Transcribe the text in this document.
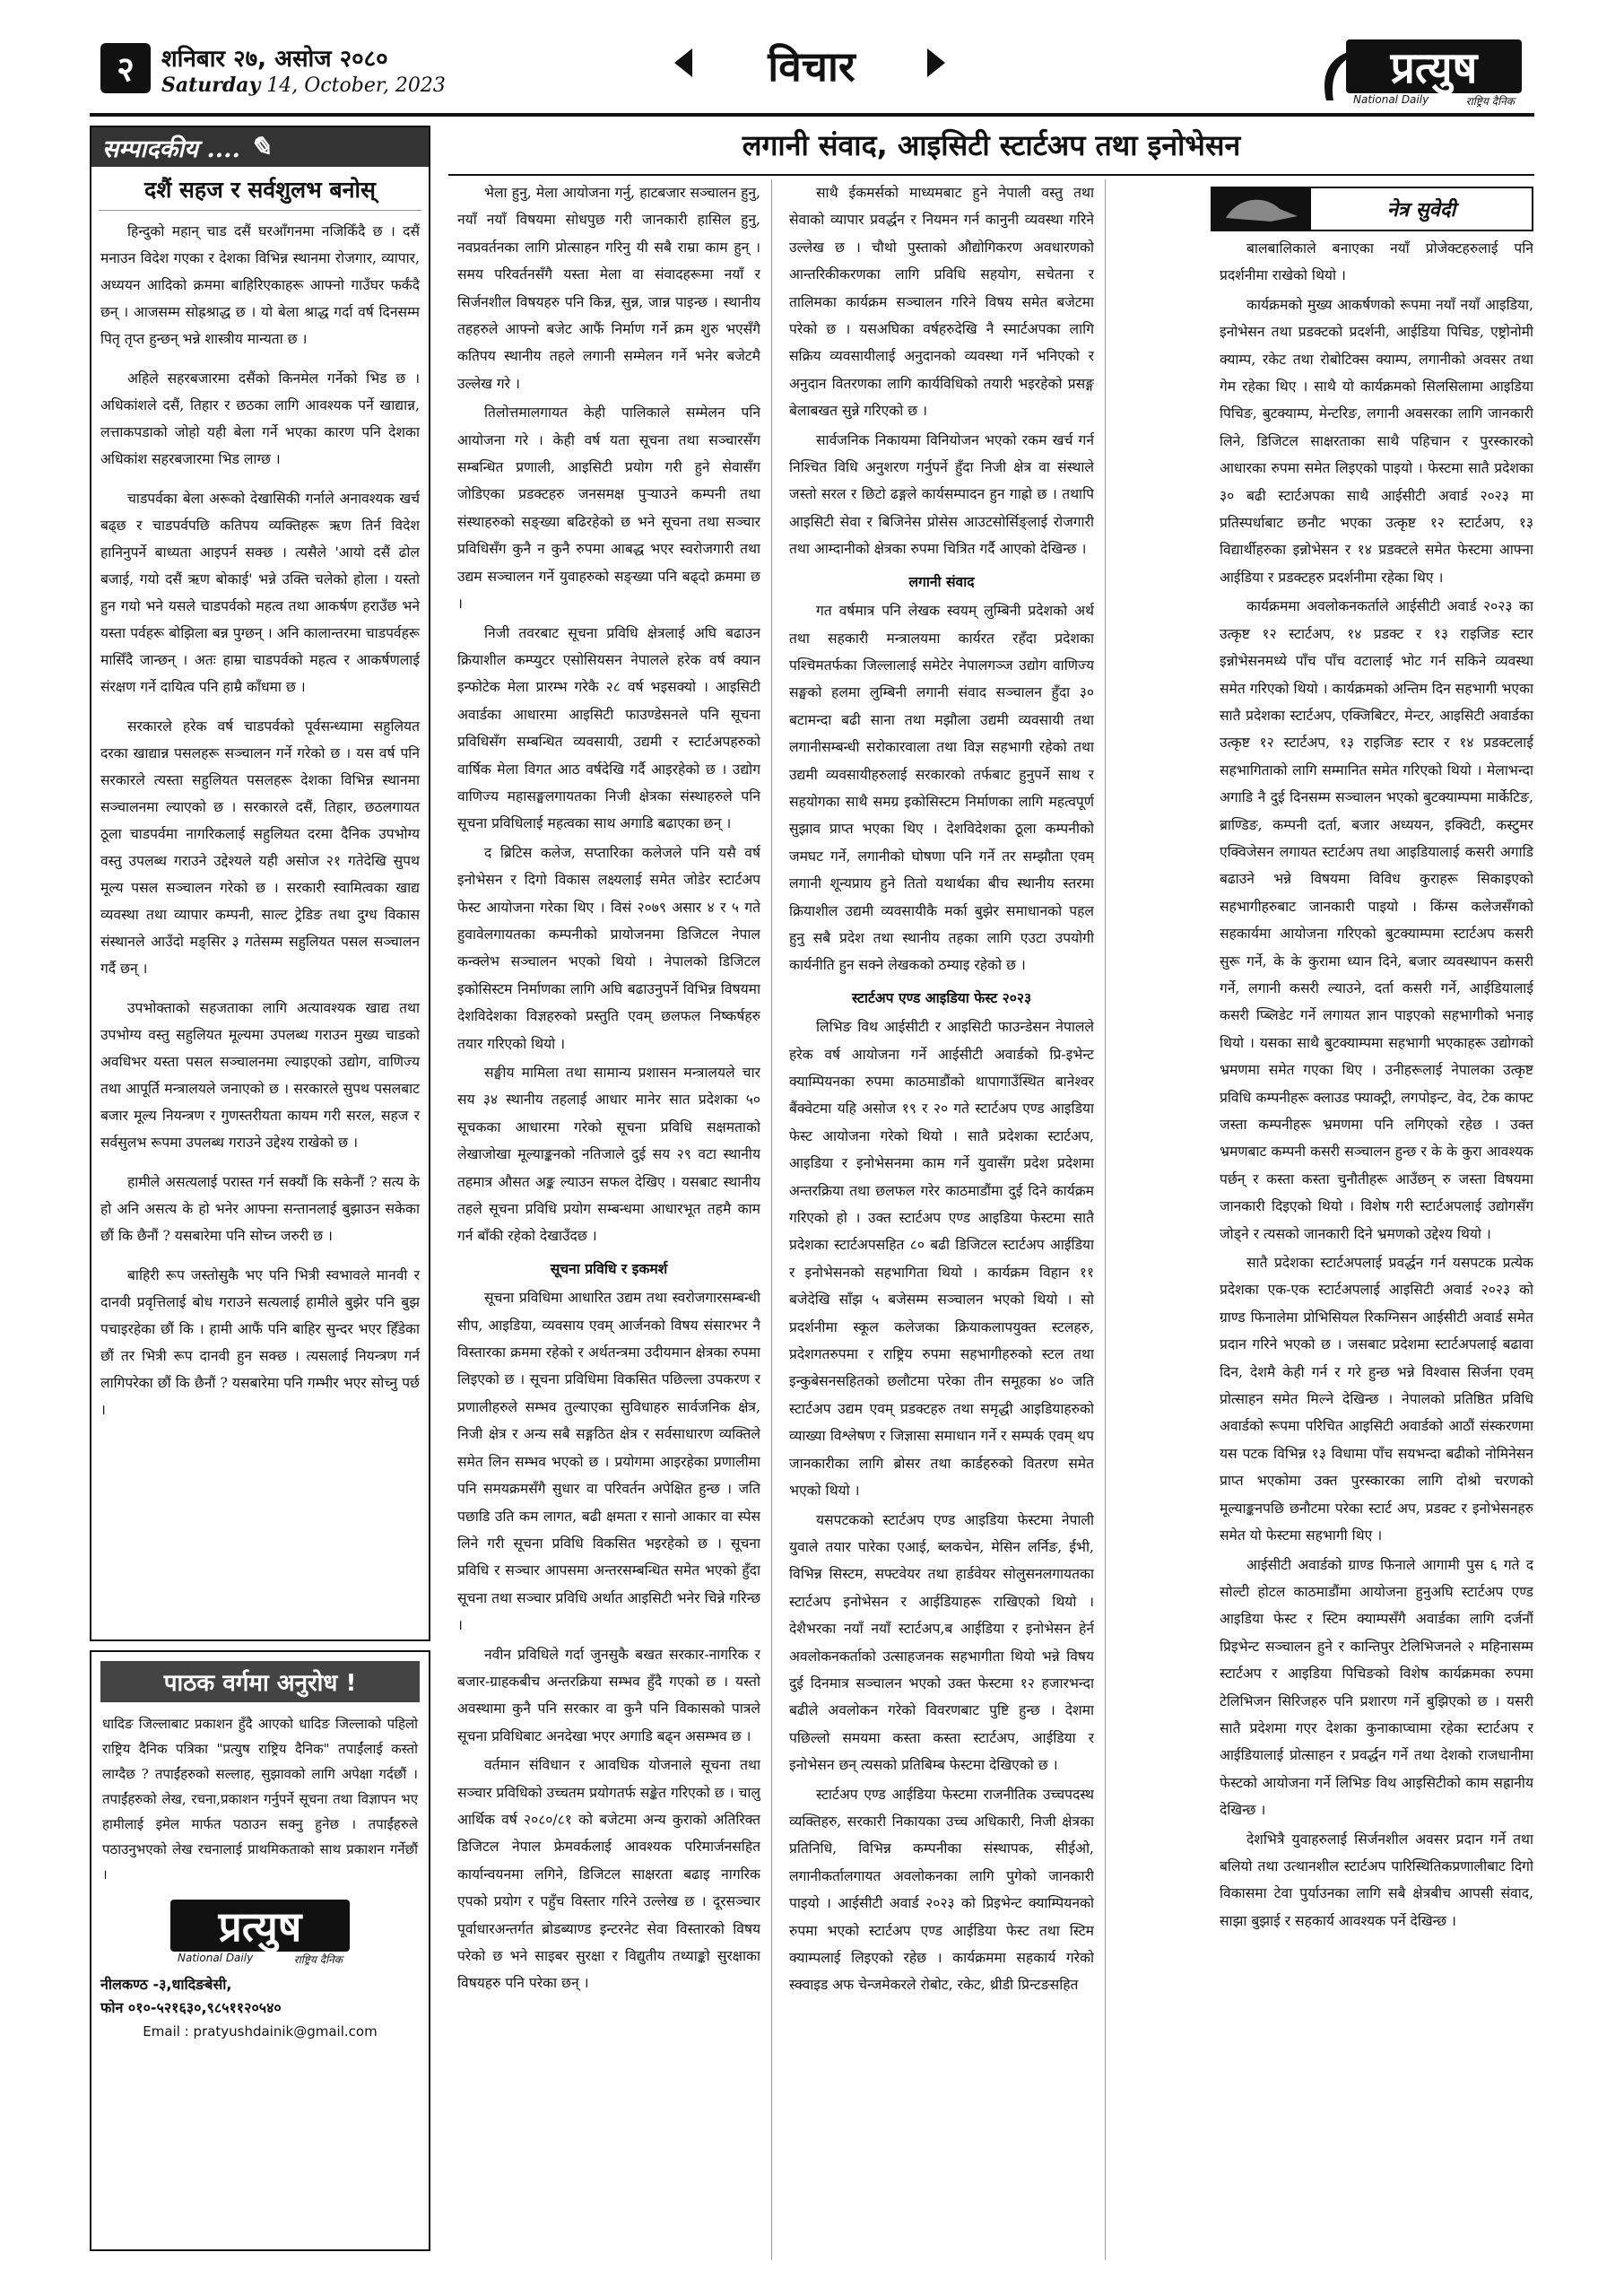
२	शनिबार २७, असोज २०८०
Saturday 14, October, 2023	विचार	प्रत्युष
National Daily	राष्ट्रिय दैनिक
सम्पादकीय .... ✎
दशैं सहज र सर्वशुलभ बनोस्

हिन्दुको महान् चाड दसैं घरआँगनमा नजिकिँदै छ । दसैं मनाउन विदेश गएका र देशका विभिन्न स्थानमा रोजगार, व्यापार, अध्ययन आदिको क्रममा बाहिरिएकाहरू आफ्नो गाउँघर फर्कंदै छन् । आजसम्म सोह्रश्राद्ध छ । यो बेला श्राद्ध गर्दा वर्ष दिनसम्म पितृ तृप्त हुन्छन् भन्ने शास्त्रीय मान्यता छ ।

अहिले सहरबजारमा दसैंको किनमेल गर्नेको भिड छ । अधिकांशले दसैं, तिहार र छठका लागि आवश्यक पर्ने खाद्यान्न, लत्ताकपडाको जोहो यही बेला गर्ने भएका कारण पनि देशका अधिकांश सहरबजारमा भिड लाग्छ ।

चाडपर्वका बेला अरूको देखासिकी गर्नाले अनावश्यक खर्च बढ्छ र चाडपर्वपछि कतिपय व्यक्तिहरू ऋण तिर्न विदेश हानिनुपर्ने बाध्यता आइपर्न सक्छ । त्यसैले 'आयो दसैं ढोल बजाई, गयो दसैं ऋण बोकाई' भन्ने उक्ति चलेको होला । यस्तो हुन गयो भने यसले चाडपर्वको महत्व तथा आकर्षण हराउँछ भने यस्ता पर्वहरू बोझिला बन्न पुग्छन् । अनि कालान्तरमा चाडपर्वहरू मासिँदै जान्छन् । अतः हाम्रा चाडपर्वको महत्व र आकर्षणलाई संरक्षण गर्ने दायित्व पनि हाम्रै काँधमा छ ।

सरकारले हरेक वर्ष चाडपर्वको पूर्वसन्ध्यामा सहुलियत दरका खाद्यान्न पसलहरू सञ्चालन गर्ने गरेको छ । यस वर्ष पनि सरकारले त्यस्ता सहुलियत पसलहरू देशका विभिन्न स्थानमा सञ्चालनमा ल्याएको छ । सरकारले दसैं, तिहार, छठलगायत ठूला चाडपर्वमा नागरिकलाई सहुलियत दरमा दैनिक उपभोग्य वस्तु उपलब्ध गराउने उद्देश्यले यही असोज २१ गतेदेखि सुपथ मूल्य पसल सञ्चालन गरेको छ । सरकारी स्वामित्वका खाद्य व्यवस्था तथा व्यापार कम्पनी, साल्ट ट्रेडिङ तथा दुग्ध विकास संस्थानले आउँदो मङ्सिर ३ गतेसम्म सहुलियत पसल सञ्चालन गर्दै छन् ।

उपभोक्ताको सहजताका लागि अत्यावश्यक खाद्य तथा उपभोग्य वस्तु सहुलियत मूल्यमा उपलब्ध गराउन मुख्य चाडको अवधिभर यस्ता पसल सञ्चालनमा ल्याइएको उद्योग, वाणिज्य तथा आपूर्ति मन्त्रालयले जनाएको छ । सरकारले सुपथ पसलबाट बजार मूल्य नियन्त्रण र गुणस्तरीयता कायम गरी सरल, सहज र सर्वसुलभ रूपमा उपलब्ध गराउने उद्देश्य राखेको छ ।

हामीले असत्यलाई परास्त गर्न सक्यौं कि सकेनौं ? सत्य के हो अनि असत्य के हो भनेर आफ्ना सन्तानलाई बुझाउन सकेका छौं कि छैनौं ? यसबारेमा पनि सोच्न जरुरी छ ।

बाहिरी रूप जस्तोसुकै भए पनि भित्री स्वभावले मानवी र दानवी प्रवृत्तिलाई बोध गराउने सत्यलाई हामीले बुझेर पनि बुझ पचाइरहेका छौं कि । हामी आफैं पनि बाहिर सुन्दर भएर हिँडेका छौं तर भित्री रूप दानवी हुन सक्छ । त्यसलाई नियन्त्रण गर्न लागिपरेका छौं कि छैनौं ? यसबारेमा पनि गम्भीर भएर सोच्नु पर्छ ।

पाठक वर्गमा अनुरोध !
धादिङ जिल्लाबाट प्रकाशन हुँदै आएको धादिङ जिल्लाको पहिलो राष्ट्रिय दैनिक पत्रिका "प्रत्युष राष्ट्रिय दैनिक" तपाईंलाई कस्तो लाग्दैछ ? तपाईंहरुको सल्लाह, सुझावको लागि अपेक्षा गर्दछौं । तपाईंहरुको लेख, रचना,प्रकाशन गर्नुपर्ने सूचना तथा विज्ञापन भए हामीलाई इमेल मार्फत पठाउन सक्नु हुनेछ । तपाईंहरुले पठाउनुभएको लेख रचनालाई प्राथमिकताको साथ प्रकाशन गर्नेछौं ।
प्रत्युष
National Daily	राष्ट्रिय दैनिक
नीलकण्ठ -३,धादिङबेसी,
फोन ०१०-५२१६३०,९८५११२०५४०
Email : pratyushdainik@gmail.com
लगानी संवाद, आइसिटी स्टार्टअप तथा इनोभेसन
नेत्र सुवेदी

भेला हुनु, मेला आयोजना गर्नु, हाटबजार सञ्चालन हुनु, नयाँ नयाँ विषयमा सोधपुछ गरी जानकारी हासिल हुनु, नवप्रवर्तनका लागि प्रोत्साहन गरिनु यी सबै राम्रा काम हुन् । समय परिवर्तनसँगै यस्ता मेला वा संवादहरूमा नयाँ र सिर्जनशील विषयहरु पनि किन्न, सुन्न, जान्न पाइन्छ । स्थानीय तहहरुले आफ्नो बजेट आफैं निर्माण गर्ने क्रम शुरु भएसँगै कतिपय स्थानीय तहले लगानी सम्मेलन गर्ने भनेर बजेटमै उल्लेख गरे ।

तिलोत्तमालगायत केही पालिकाले सम्मेलन पनि आयोजना गरे । केही वर्ष यता सूचना तथा सञ्चारसँग सम्बन्धित प्रणाली, आइसिटी प्रयोग गरी हुने सेवासँग जोडिएका प्रडक्टहरु जनसमक्ष पुऱ्याउने कम्पनी तथा संस्थाहरुको सङ्ख्या बढिरहेको छ भने सूचना तथा सञ्चार प्रविधिसँग कुनै न कुनै रुपमा आबद्ध भएर स्वरोजगारी तथा उद्यम सञ्चालन गर्ने युवाहरुको सङ्ख्या पनि बढ्दो क्रममा छ ।

निजी तवरबाट सूचना प्रविधि क्षेत्रलाई अघि बढाउन क्रियाशील कम्प्युटर एसोसियसन नेपालले हरेक वर्ष क्यान इन्फोटेक मेला प्रारम्भ गरेकै २८ वर्ष भइसक्यो । आइसिटी अवार्डका आधारमा आइसिटी फाउण्डेसनले पनि सूचना प्रविधिसँग सम्बन्धित व्यवसायी, उद्यमी र स्टार्टअपहरुको वार्षिक मेला विगत आठ वर्षदेखि गर्दै आइरहेको छ । उद्योग वाणिज्य महासङ्घलगायतका निजी क्षेत्रका संस्थाहरुले पनि सूचना प्रविधिलाई महत्वका साथ अगाडि बढाएका छन् ।

द ब्रिटिस कलेज, सप्तारिका कलेजले पनि यसै वर्ष इनोभेसन र दिगो विकास लक्ष्यलाई समेत जोडेर स्टार्टअप फेस्ट आयोजना गरेका थिए । विसं २०७९ असार ४ र ५ गते हुवावेलगायतका कम्पनीको प्रायोजनमा डिजिटल नेपाल कन्क्लेभ सञ्चालन भएको थियो । नेपालको डिजिटल इकोसिस्टम निर्माणका लागि अघि बढाउनुपर्ने विभिन्न विषयमा देशविदेशका विज्ञहरुको प्रस्तुति एवम् छलफल निष्कर्षहरु तयार गरिएको थियो ।

सङ्घीय मामिला तथा सामान्य प्रशासन मन्त्रालयले चार सय ३४ स्थानीय तहलाई आधार मानेर सात प्रदेशका ५० सूचकका आधारमा गरेको सूचना प्रविधि सक्षमताको लेखाजोखा मूल्याङ्कनको नतिजाले दुई सय २९ वटा स्थानीय तहमात्र औसत अङ्क ल्याउन सफल देखिए । यसबाट स्थानीय तहले सूचना प्रविधि प्रयोग सम्बन्धमा आधारभूत तहमै काम गर्न बाँकी रहेको देखाउँदछ ।

सूचना प्रविधि र इकमर्श

सूचना प्रविधिमा आधारित उद्यम तथा स्वरोजगारसम्बन्धी सीप, आइडिया, व्यवसाय एवम् आर्जनको विषय संसारभर नै विस्तारका क्रममा रहेको र अर्थतन्त्रमा उदीयमान क्षेत्रका रुपमा लिइएको छ । सूचना प्रविधिमा विकसित पछिल्ला उपकरण र प्रणालीहरुले सम्भव तुल्याएका सुविधाहरु सार्वजनिक क्षेत्र, निजी क्षेत्र र अन्य सबै सङ्गठित क्षेत्र र सर्वसाधारण व्यक्तिले समेत लिन सम्भव भएको छ । प्रयोगमा आइरहेका प्रणालीमा पनि समयक्रमसँगै सुधार वा परिवर्तन अपेक्षित हुन्छ । जति पछाडि उति कम लागत, बढी क्षमता र सानो आकार वा स्पेस लिने गरी सूचना प्रविधि विकसित भइरहेको छ । सूचना प्रविधि र सञ्चार आपसमा अन्तरसम्बन्धित समेत भएको हुँदा सूचना तथा सञ्चार प्रविधि अर्थात आइसिटी भनेर चिन्ने गरिन्छ ।

नवीन प्रविधिले गर्दा जुनसुकै बखत सरकार-नागरिक र बजार-ग्राहकबीच अन्तरक्रिया सम्भव हुँदै गएको छ । यस्तो अवस्थामा कुनै पनि सरकार वा कुनै पनि विकासको पात्रले सूचना प्रविधिबाट अनदेखा भएर अगाडि बढ्न असम्भव छ ।

वर्तमान संविधान र आवधिक योजनाले सूचना तथा सञ्चार प्रविधिको उच्चतम प्रयोगतर्फ सङ्केत गरिएको छ । चालु आर्थिक वर्ष २०८०/८१ को बजेटमा अन्य कुराको अतिरिक्त डिजिटल नेपाल फ्रेमवर्कलाई आवश्यक परिमार्जनसहित कार्यान्वयनमा लगिने, डिजिटल साक्षरता बढाइ नागरिक एपको प्रयोग र पहुँच विस्तार गरिने उल्लेख छ । दूरसञ्चार पूर्वाधारअन्तर्गत ब्रोडब्याण्ड इन्टरनेट सेवा विस्तारको विषय परेको छ भने साइबर सुरक्षा र विद्युतीय तथ्याङ्को सुरक्षाका विषयहरु पनि परेका छन् ।

साथै ईकमर्सको माध्यमबाट हुने नेपाली वस्तु तथा सेवाको व्यापार प्रवर्द्धन र नियमन गर्न कानुनी व्यवस्था गरिने उल्लेख छ । चौथो पुस्ताको औद्योगिकरण अवधारणको आन्तरिकीकरणका लागि प्रविधि सहयोग, सचेतना र तालिमका कार्यक्रम सञ्चालन गरिने विषय समेत बजेटमा परेको छ । यसअघिका वर्षहरुदेखि नै स्मार्टअपका लागि सक्रिय व्यवसायीलाई अनुदानको व्यवस्था गर्ने भनिएको र अनुदान वितरणका लागि कार्यविधिको तयारी भइरहेको प्रसङ्ग बेलाबखत सुन्ने गरिएको छ ।

सार्वजनिक निकायमा विनियोजन भएको रकम खर्च गर्न निश्चित विधि अनुशरण गर्नुपर्ने हुँदा निजी क्षेत्र वा संस्थाले जस्तो सरल र छिटो ढङ्गले कार्यसम्पादन हुन गाह्रो छ । तथापि आइसिटी सेवा र बिजिनेस प्रोसेस आउटसोर्सिङ्लाई रोजगारी तथा आम्दानीको क्षेत्रका रुपमा चित्रित गर्दै आएको देखिन्छ ।

लगानी संवाद

गत वर्षमात्र पनि लेखक स्वयम् लुम्बिनी प्रदेशको अर्थ तथा सहकारी मन्त्रालयमा कार्यरत रहँदा प्रदेशका पश्चिमतर्फका जिल्लालाई समेटेर नेपालगञ्ज उद्योग वाणिज्य सङ्घको हलमा लुम्बिनी लगानी संवाद सञ्चालन हुँदा ३० बटामन्दा बढी साना तथा मझौला उद्यमी व्यवसायी तथा लगानीसम्बन्धी सरोकारवाला तथा विज्ञ सहभागी रहेको तथा उद्यमी व्यवसायीहरुलाई सरकारको तर्फबाट हुनुपर्ने साथ र सहयोगका साथै समग्र इकोसिस्टम निर्माणका लागि महत्वपूर्ण सुझाव प्राप्त भएका थिए । देशविदेशका ठूला कम्पनीको जमघट गर्ने, लगानीको घोषणा पनि गर्ने तर सम्झौता एवम् लगानी शून्यप्राय हुने तितो यथार्थका बीच स्थानीय स्तरमा क्रियाशील उद्यमी व्यवसायीकै मर्का बुझेर समाधानको पहल हुनु सबै प्रदेश तथा स्थानीय तहका लागि एउटा उपयोगी कार्यनीति हुन सक्ने लेखकको ठम्याइ रहेको छ ।

स्टार्टअप एण्ड आइडिया फेस्ट २०२३

लिभिङ विथ आईसीटी र आइसिटी फाउन्डेसन नेपालले हरेक वर्ष आयोजना गर्ने आईसीटी अवार्डको प्रि-इभेन्ट क्याम्पियनका रुपमा काठमाडौंको थापागाउँस्थित बानेश्वर बैंक्वेटमा यहि असोज १९ र २० गते स्टार्टअप एण्ड आइडिया फेस्ट आयोजना गरेको थियो । सातै प्रदेशका स्टार्टअप, आइडिया र इनोभेसनमा काम गर्ने युवासँग प्रदेश प्रदेशमा अन्तरक्रिया तथा छलफल गरेर काठमाडौंमा दुई दिने कार्यक्रम गरिएको हो । उक्त स्टार्टअप एण्ड आइडिया फेस्टमा सातै प्रदेशका स्टार्टअपसहित ८० बढी डिजिटल स्टार्टअप आईडिया र इनोभेसनको सहभागिता थियो । कार्यक्रम विहान ११ बजेदेखि साँझ ५ बजेसम्म सञ्चालन भएको थियो । सो प्रदर्शनीमा स्कूल कलेजका क्रियाकलापयुक्त स्टलहरु, प्रदेशगतरुपमा र राष्ट्रिय रुपमा सहभागीहरुको स्टल तथा इन्कुबेसनसहितको छलौटमा परेका तीन समूहका ४० जति स्टार्टअप उद्यम एवम् प्रडक्टहरु तथा समृद्धी आइडियाहरुको व्याख्या विश्लेषण र जिज्ञासा समाधान गर्ने र सम्पर्क एवम् थप जानकारीका लागि ब्रोसर तथा कार्डहरुको वितरण समेत भएको थियो ।

यसपटकको स्टार्टअप एण्ड आइडिया फेस्टमा नेपाली युवाले तयार पारेका एआई, ब्लकचेन, मेसिन लर्निङ, ईभी, विभिन्न सिस्टम, सफ्टवेयर तथा हार्डवेयर सोलुसनलगायतका स्टार्टअप इनोभेसन र आईडियाहरू राखिएको थियो । देशैभरका नयाँ नयाँ स्टार्टअप,ब आईडिया र इनोभेसन हेर्न अवलोकनकर्ताको उत्साहजनक सहभागीता थियो भन्ने विषय दुई दिनमात्र सञ्चालन भएको उक्त फेस्टमा १२ हजारभन्दा बढीले अवलोकन गरेको विवरणबाट पुष्टि हुन्छ । देशमा पछिल्लो समयमा कस्ता कस्ता स्टार्टअप, आईडिया र इनोभेसन छन् त्यसको प्रतिबिम्ब फेस्टमा देखिएको छ ।

स्टार्टअप एण्ड आईडिया फेस्टमा राजनीतिक उच्चपदस्थ व्यक्तिहरु, सरकारी निकायका उच्च अधिकारी, निजी क्षेत्रका प्रतिनिधि, विभिन्न कम्पनीका संस्थापक, सीईओ, लगानीकर्तालगायत अवलोकनका लागि पुगेको जानकारी पाइयो । आईसीटी अवार्ड २०२३ को प्रिइभेन्ट क्याम्पियनको रुपमा भएको स्टार्टअप एण्ड आईडिया फेस्ट तथा स्टिम क्याम्पलाई लिइएको रहेछ । कार्यक्रममा सहकार्य गरेको स्क्वाइड अफ चेन्जमेकरले रोबोट, रकेट, थ्रीडी प्रिन्टङसहित

बालबालिकाले बनाएका नयाँ प्रोजेक्टहरुलाई पनि प्रदर्शनीमा राखेको थियो ।

कार्यक्रमको मुख्य आकर्षणको रूपमा नयाँ नयाँ आइडिया, इनोभेसन तथा प्रडक्टको प्रदर्शनी, आईडिया पिचिङ, एष्ट्रोनोमी क्याम्प, रकेट तथा रोबोटिक्स क्याम्प, लगानीको अवसर तथा गेम रहेका थिए । साथै यो कार्यक्रमको सिलसिलामा आइडिया पिचिङ, बुटक्याम्प, मेन्टरिङ, लगानी अवसरका लागि जानकारी लिने, डिजिटल साक्षरताका साथै पहिचान र पुरस्कारको आधारका रुपमा समेत लिइएको पाइयो । फेस्टमा सातै प्रदेशका ३० बढी स्टार्टअपका साथै आईसीटी अवार्ड २०२३ मा प्रतिस्पर्धाबाट छनौट भएका उत्कृष्ट १२ स्टार्टअप, १३ विद्यार्थीहरुका इन्नोभेसन र १४ प्रडक्टले समेत फेस्टमा आफ्ना आईडिया र प्रडक्टहरु प्रदर्शनीमा रहेका थिए ।

कार्यक्रममा अवलोकनकर्ताले आईसीटी अवार्ड २०२३ का उत्कृष्ट १२ स्टार्टअप, १४ प्रडक्ट र १३ राइजिङ स्टार इन्नोभेसनमध्ये पाँच पाँच वटालाई भोट गर्न सकिने व्यवस्था समेत गरिएको थियो । कार्यक्रमको अन्तिम दिन सहभागी भएका सातै प्रदेशका स्टार्टअप, एक्जिबिटर, मेन्टर, आइसिटी अवार्डका उत्कृष्ट १२ स्टार्टअप, १३ राइजिङ स्टार र १४ प्रडक्टलाई सहभागिताको लागि सम्मानित समेत गरिएको थियो । मेलाभन्दा अगाडि नै दुई दिनसम्म सञ्चालन भएको बुटक्याम्पमा मार्केटिङ, ब्राण्डिङ, कम्पनी दर्ता, बजार अध्ययन, इक्विटी, कस्टुमर एक्विजेसन लगायत स्टार्टअप तथा आइडियालाई कसरी अगाडि बढाउने भन्ने विषयमा विविध कुराहरू सिकाइएको सहभागीहरुबाट जानकारी पाइयो । किंग्स कलेजसँगको सहकार्यमा आयोजना गरिएको बुटक्याम्पमा स्टार्टअप कसरी सुरू गर्ने, के के कुरामा ध्यान दिने, बजार व्यवस्थापन कसरी गर्ने, लगानी कसरी ल्याउने, दर्ता कसरी गर्ने, आईडियालाई कसरी प्ब्लिडेट गर्ने लगायत ज्ञान पाइएको सहभागीको भनाइ थियो । यसका साथै बुटक्याम्पमा सहभागी भएकाहरू उद्योगको भ्रमणमा समेत गएका थिए । उनीहरूलाई नेपालका उत्कृष्ट प्रविधि कम्पनीहरू क्लाउड फ्याक्ट्री, लगपोइन्ट, वेद, टेक काफ्ट जस्ता कम्पनीहरू भ्रमणमा पनि लगिएको रहेछ । उक्त भ्रमणबाट कम्पनी कसरी सञ्चालन हुन्छ र के के कुरा आवश्यक पर्छन् र कस्ता कस्ता चुनौतीहरू आउँछन् रु जस्ता विषयमा जानकारी दिइएको थियो । विशेष गरी स्टार्टअपलाई उद्योगसँग जोड्ने र त्यसको जानकारी दिने भ्रमणको उद्देश्य थियो ।

सातै प्रदेशका स्टार्टअपलाई प्रवर्द्धन गर्न यसपटक प्रत्येक प्रदेशका एक-एक स्टार्टअपलाई आइसिटी अवार्ड २०२३ को ग्राण्ड फिनालेमा प्रोभिसियल रिकग्निसन आईसीटी अवार्ड समेत प्रदान गरिने भएको छ । जसबाट प्रदेशमा स्टार्टअपलाई बढावा दिन, देशमै केही गर्न र गरे हुन्छ भन्ने विश्वास सिर्जना एवम् प्रोत्साहन समेत मिल्ने देखिन्छ । नेपालको प्रतिष्ठित प्रविधि अवार्डको रूपमा परिचित आइसिटी अवार्डको आठौं संस्करणमा यस पटक विभिन्न १३ विधामा पाँच सयभन्दा बढीको नोमिनेसन प्राप्त भएकोमा उक्त पुरस्कारका लागि दोश्रो चरणको मूल्याङ्कनपछि छनौटमा परेका स्टार्ट अप, प्रडक्ट र इनोभेसनहरु समेत यो फेस्टमा सहभागी थिए ।

आईसीटी अवार्डको ग्राण्ड फिनाले आगामी पुस ६ गते द सोल्टी होटल काठमाडौंमा आयोजना हुनुअघि स्टार्टअप एण्ड आइडिया फेस्ट र स्टिम क्याम्पसँगै अवार्डका लागि दर्जनौं प्रिइभेन्ट सञ्चालन हुने र कान्तिपुर टेलिभिजनले २ महिनासम्म स्टार्टअप र आइडिया पिचिङको विशेष कार्यक्रमका रुपमा टेलिभिजन सिरिजहरु पनि प्रशारण गर्ने बुझिएको छ । यसरी सातै प्रदेशमा गएर देशका कुनाकाप्चामा रहेका स्टार्टअप र आईडियालाई प्रोत्साहन र प्रवर्द्धन गर्ने तथा देशको राजधानीमा फेस्टको आयोजना गर्ने लिभिङ विथ आइसिटीको काम सह्रानीय देखिन्छ ।

देशभित्रै युवाहरुलाई सिर्जनशील अवसर प्रदान गर्ने तथा बलियो तथा उत्थानशील स्टार्टअप पारिस्थितिकप्रणालीबाट दिगो विकासमा टेवा पुर्याउनका लागि सबै क्षेत्रबीच आपसी संवाद, साझा बुझाई र सहकार्य आवश्यक पर्ने देखिन्छ ।
